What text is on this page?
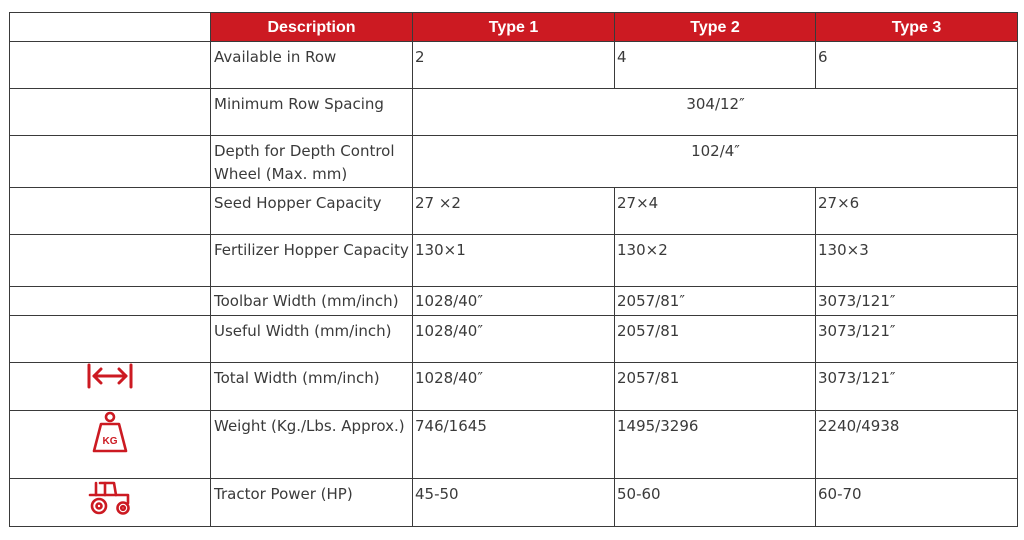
	Description	Type 1	Type 2	Type 3
	Available in Row	2	4	6
	Minimum Row Spacing	304/12″		
	Depth for Depth Control Wheel (Max. mm)	102/4″		
	Seed Hopper Capacity	27 ×2	27×4	27×6
	Fertilizer Hopper Capacity	130×1	130×2	130×3
	Toolbar Width (mm/inch)	1028/40″	2057/81″	3073/121″
	Useful Width (mm/inch)	1028/40″	2057/81	3073/121″

	Total Width (mm/inch)	1028/40″	2057/81	3073/121″

KG	Weight (Kg./Lbs. Approx.)	746/1645	1495/3296	2240/4938

	Tractor Power (HP)	45-50	50-60	60-70
